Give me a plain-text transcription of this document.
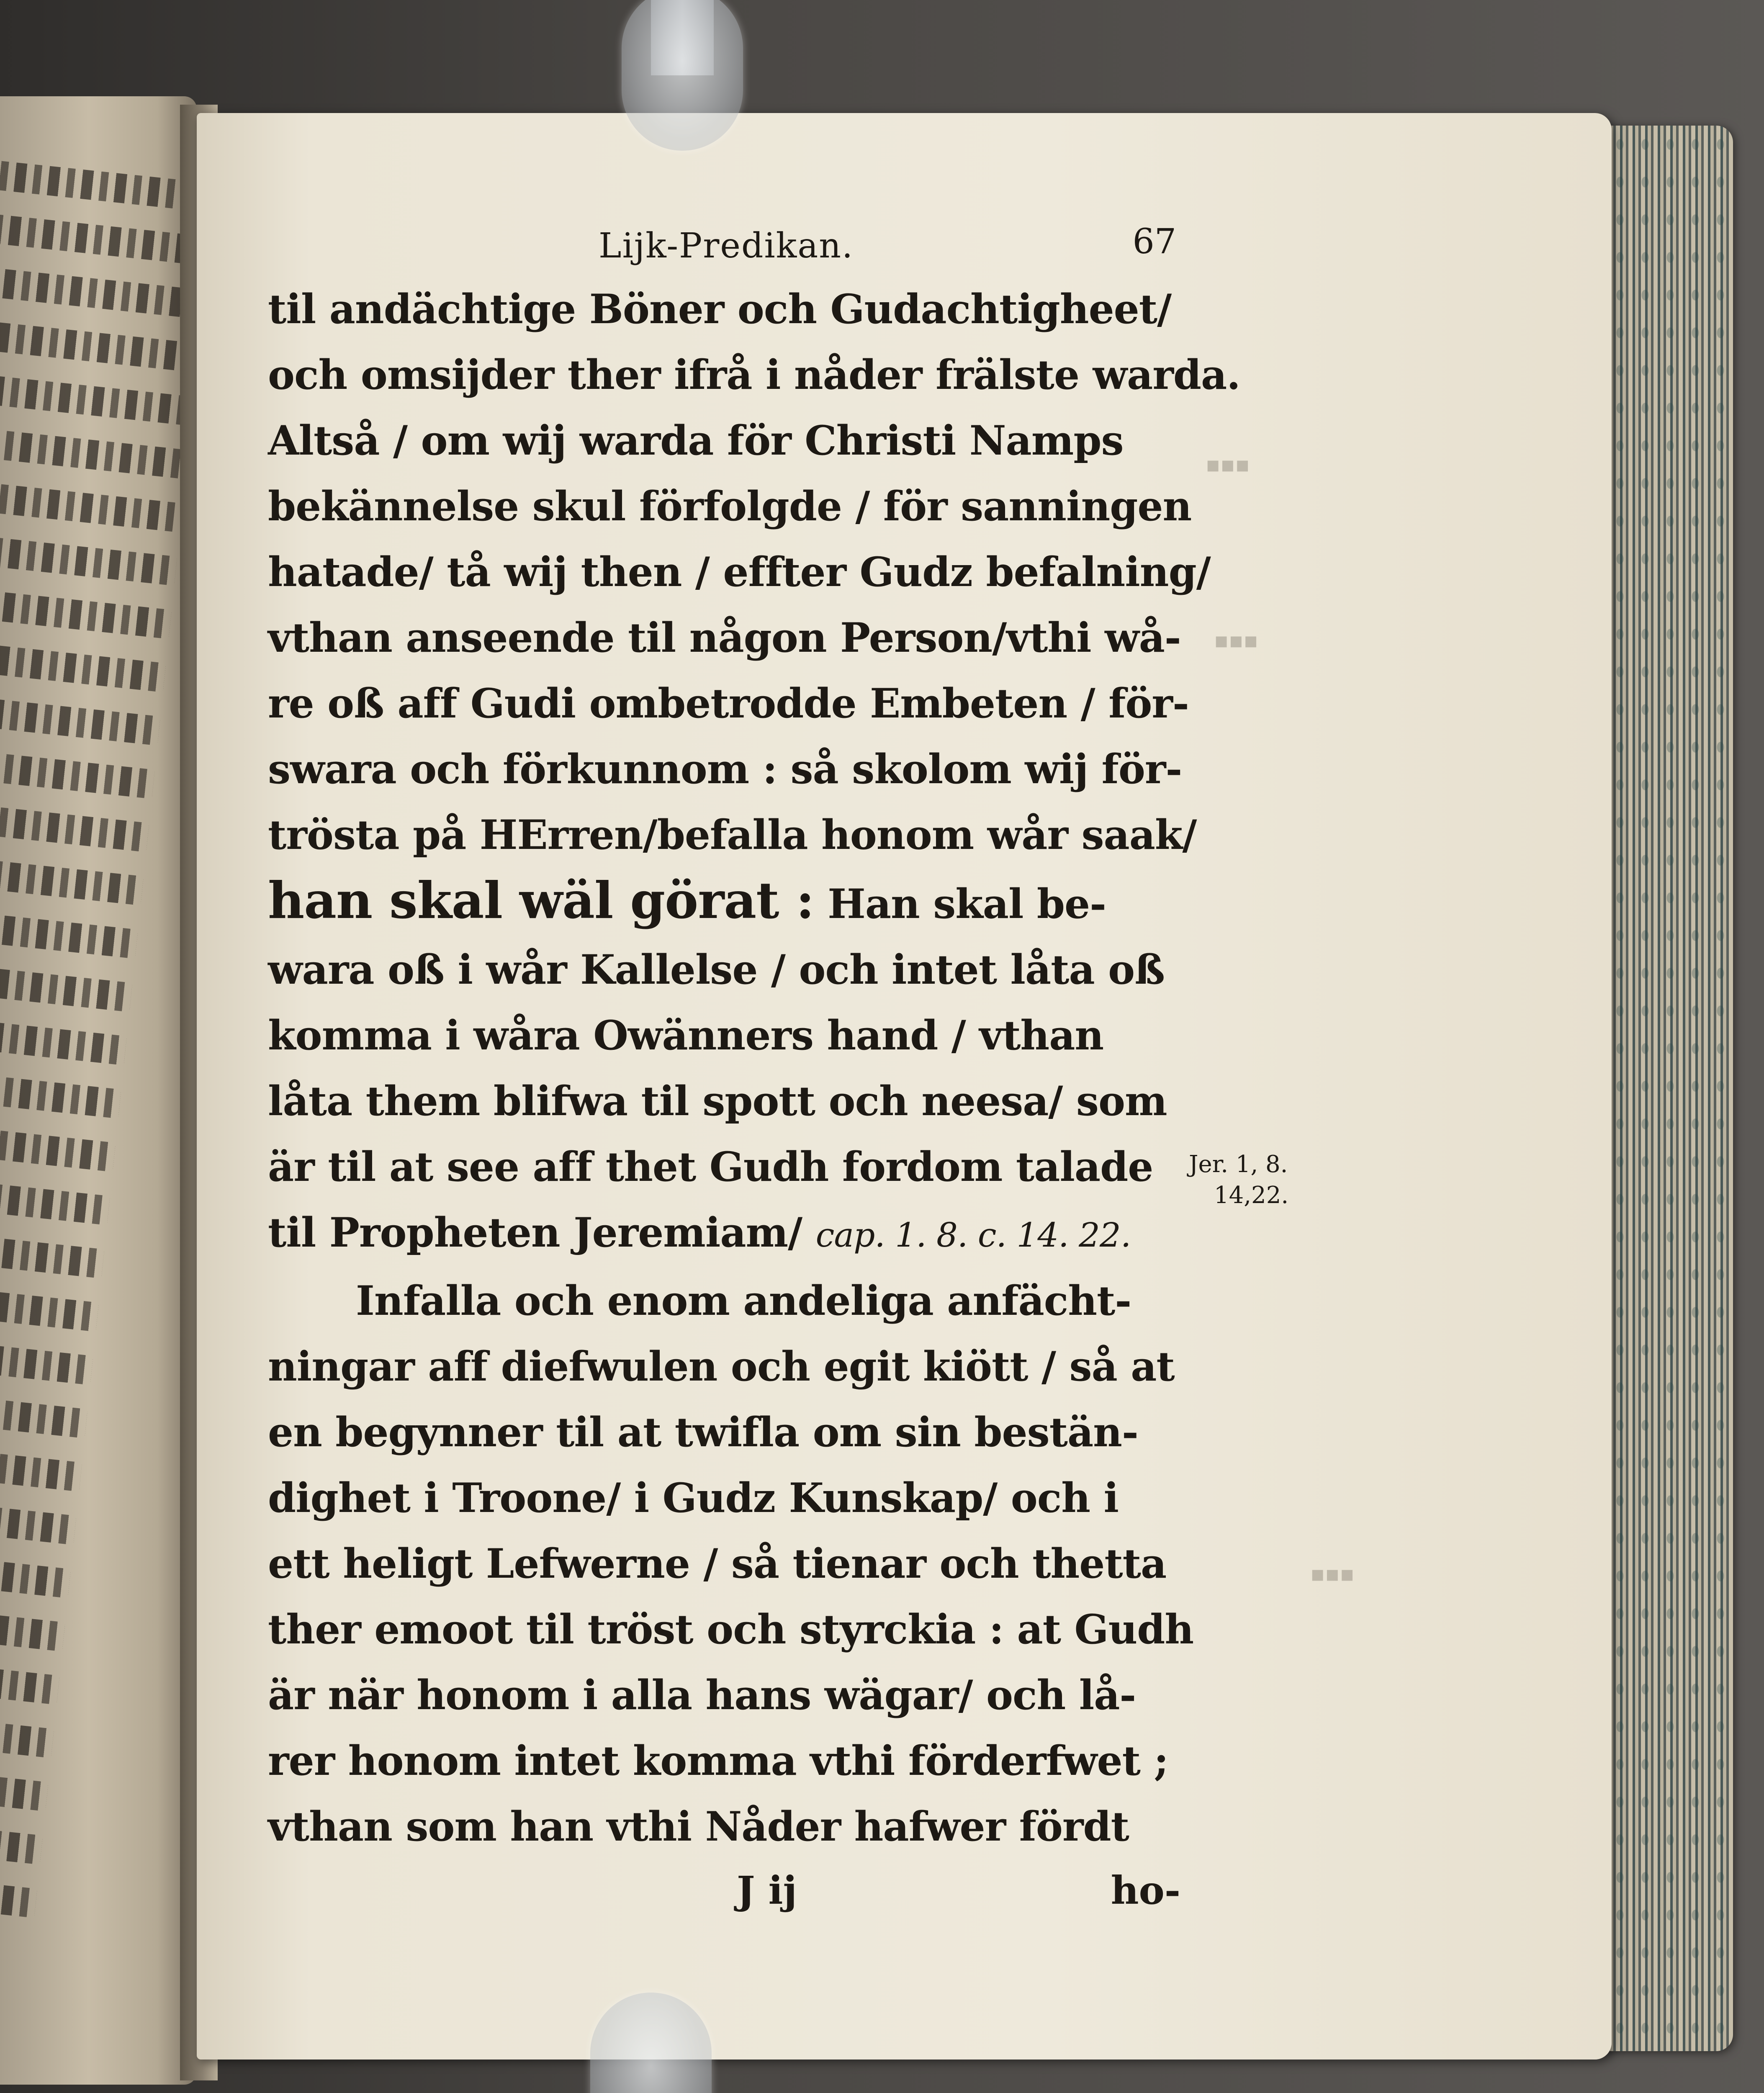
▪▪▪
▪▪▪
▪▪▪
Lijk-Predikan.	67
til andächtige Böner och Gudachtigheet/
och omsijder ther ifrå i nåder frälste warda.
Altså / om wij warda för Christi Namps
bekännelse skul förfolgde / för sanningen
hatade/ tå wij then / effter Gudz befalning/
vthan anseende til någon Person/vthi wå-
re oß aff Gudi ombetrodde Embeten / för-
swara och förkunnom : så skolom wij för-
trösta på HErren/befalla honom wår saak/
han skal wäl görat : Han skal be-
wara oß i wår Kallelse / och intet låta oß
komma i wåra Owänners hand / vthan
låta them blifwa til spott och neesa/ som
är til at see aff thet Gudh fordom talade
til Propheten Jeremiam/ cap. 1. 8. c. 14. 22.
Infalla och enom andeliga anfächt-
ningar aff diefwulen och egit kiött / så at
en begynner til at twifla om sin bestän-
dighet i Troone/ i Gudz Kunskap/ och i
ett heligt Lefwerne / så tienar och thetta
ther emoot til tröst och styrckia : at Gudh
är när honom i alla hans wägar/ och lå-
rer honom intet komma vthi förderfwet ;
vthan som han vthi Nåder hafwer fördt
J ij	ho-
Jer. 1, 8.
14,22.
